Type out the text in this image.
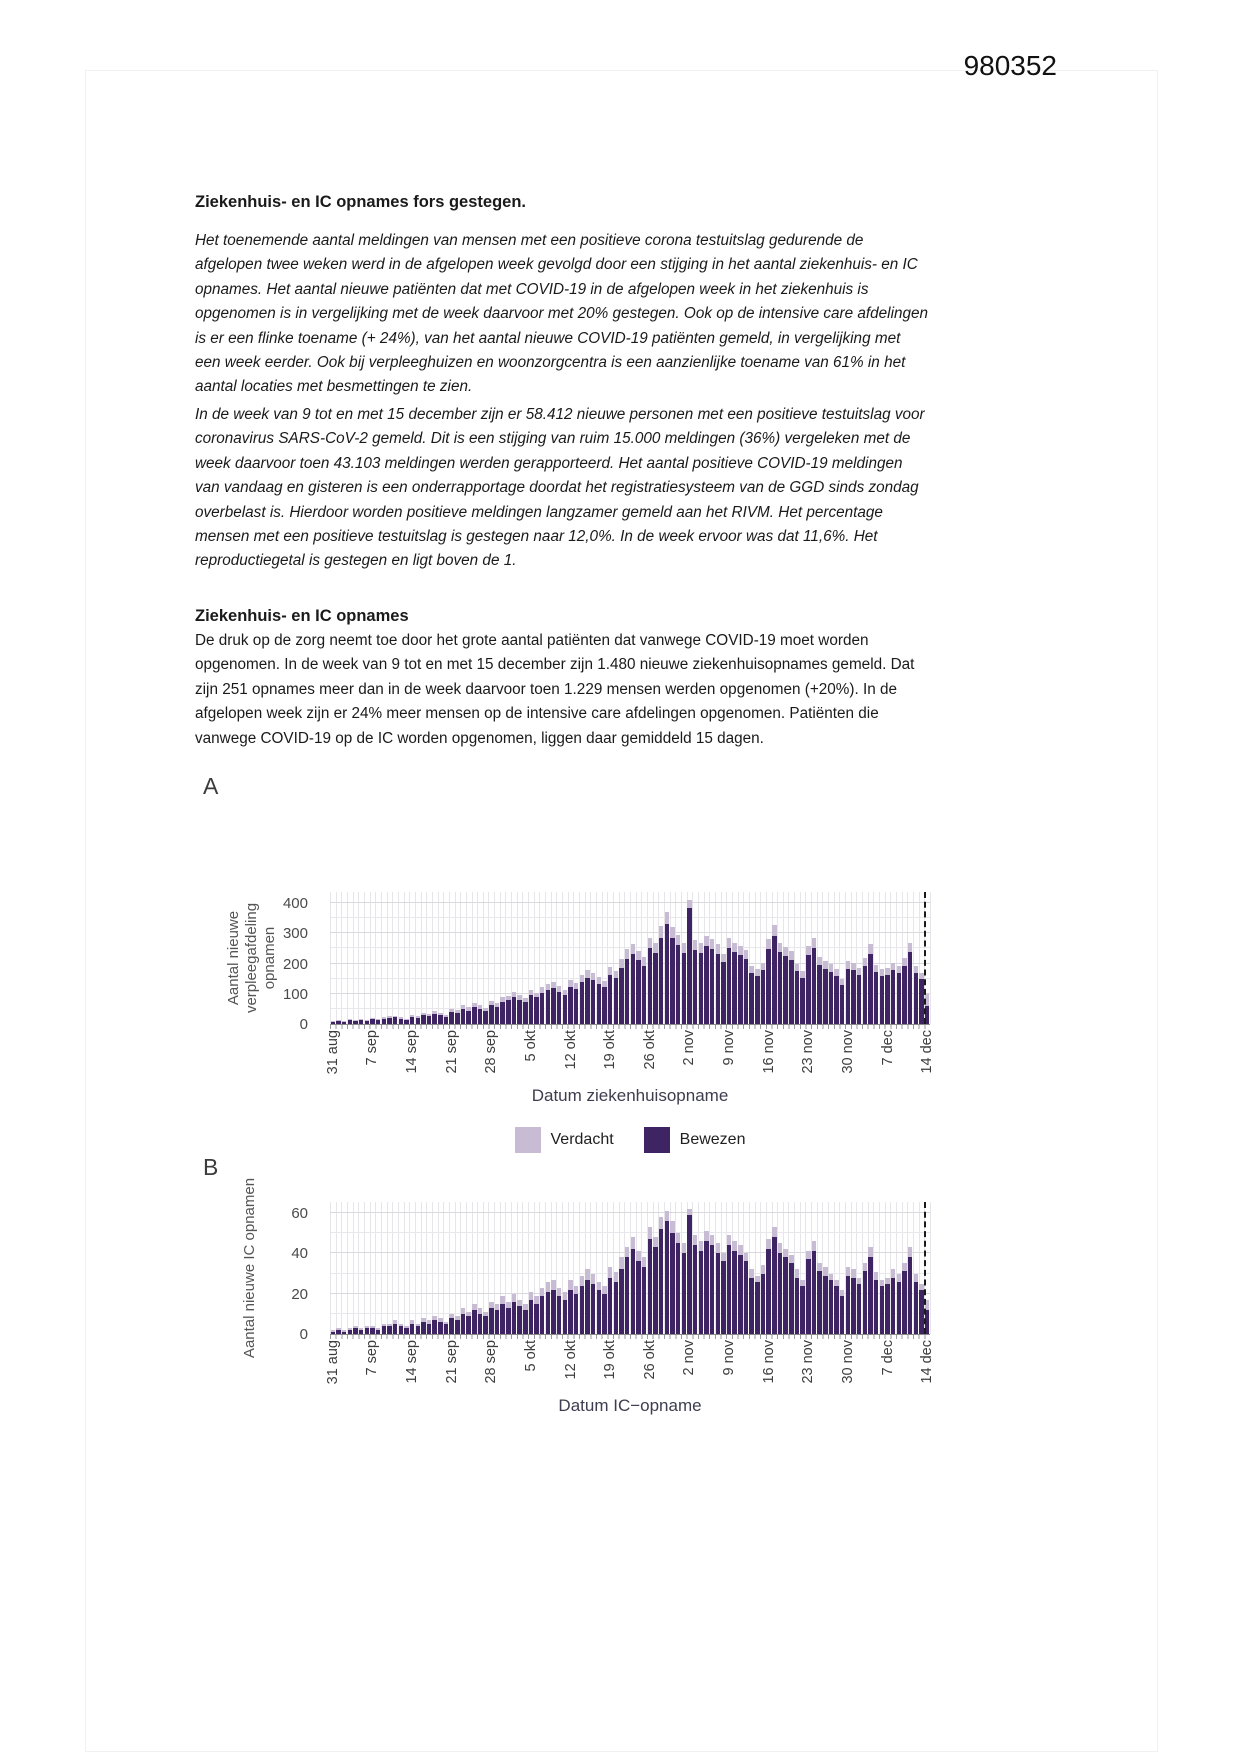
980352
Ziekenhuis- en IC opnames fors gestegen.
Het toenemende aantal meldingen van mensen met een positieve corona testuitslag gedurende de afgelopen twee weken werd in de afgelopen week gevolgd door een stijging in het aantal ziekenhuis- en IC opnames. Het aantal nieuwe patiënten dat met COVID-19 in de afgelopen week in het ziekenhuis is opgenomen is in vergelijking met de week daarvoor met 20% gestegen. Ook op de intensive care afdelingen is er een flinke toename (+ 24%), van het aantal nieuwe COVID-19 patiënten gemeld, in vergelijking met een week eerder. Ook bij verpleeghuizen en woonzorgcentra is een aanzienlijke toename van 61% in het aantal locaties met besmettingen te zien.
In de week van 9 tot en met 15 december zijn er 58.412 nieuwe personen met een positieve testuitslag voor coronavirus SARS-CoV-2 gemeld. Dit is een stijging van ruim 15.000 meldingen (36%) vergeleken met de week daarvoor toen 43.103 meldingen werden gerapporteerd. Het aantal positieve COVID-19 meldingen van vandaag en gisteren is een onderrapportage doordat het registratiesysteem van de GGD sinds zondag overbelast is. Hierdoor worden positieve meldingen langzamer gemeld aan het RIVM. Het percentage mensen met een positieve testuitslag is gestegen naar 12,0%. In de week ervoor was dat 11,6%. Het reproductiegetal is gestegen en ligt boven de 1.
Ziekenhuis- en IC opnames
De druk op de zorg neemt toe door het grote aantal patiënten dat vanwege COVID-19 moet worden opgenomen. In de week van 9 tot en met 15 december zijn 1.480 nieuwe ziekenhuisopnames gemeld. Dat zijn 251 opnames meer dan in de week daarvoor toen 1.229 mensen werden opgenomen (+20%). In de afgelopen week zijn er 24% meer mensen op de intensive care afdelingen opgenomen. Patiënten die vanwege COVID-19 op de IC worden opgenomen, liggen daar gemiddeld 15 dagen.
A
Aantal nieuwe verpleegafdeling opnamen
0
100
200
300
400
31 aug 7 sep 14 sep 21 sep 28 sep 5 okt 12 okt 19 okt 26 okt 2 nov 9 nov 16 nov 23 nov 30 nov 7 dec 14 dec
Datum ziekenhuisopname
Verdacht	Bewezen
B
Aantal nieuwe IC opnamen	0
20
40
60
31 aug 7 sep 14 sep 21 sep 28 sep 5 okt 12 okt 19 okt 26 okt 2 nov 9 nov 16 nov 23 nov 30 nov 7 dec 14 dec
Datum IC−opname
